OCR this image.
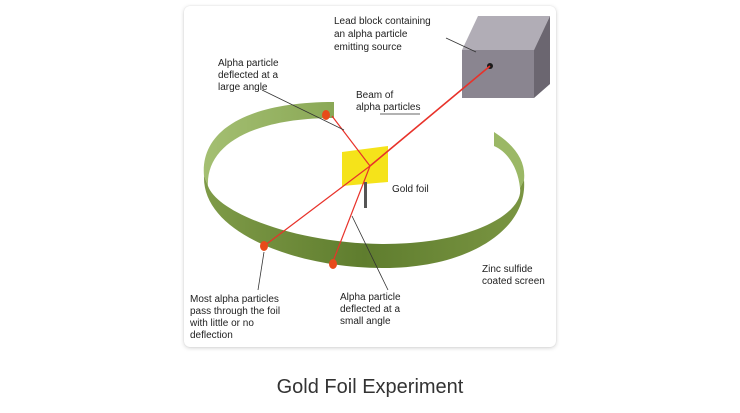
Lead block containing an alpha particle emitting source
Alpha particle deflected at a large angle
Beam of alpha particles
Gold foil
Zinc sulfide coated screen
Most alpha particles pass through the foil with little or no deflection
Alpha particle deflected at a small angle
Gold Foil Experiment
